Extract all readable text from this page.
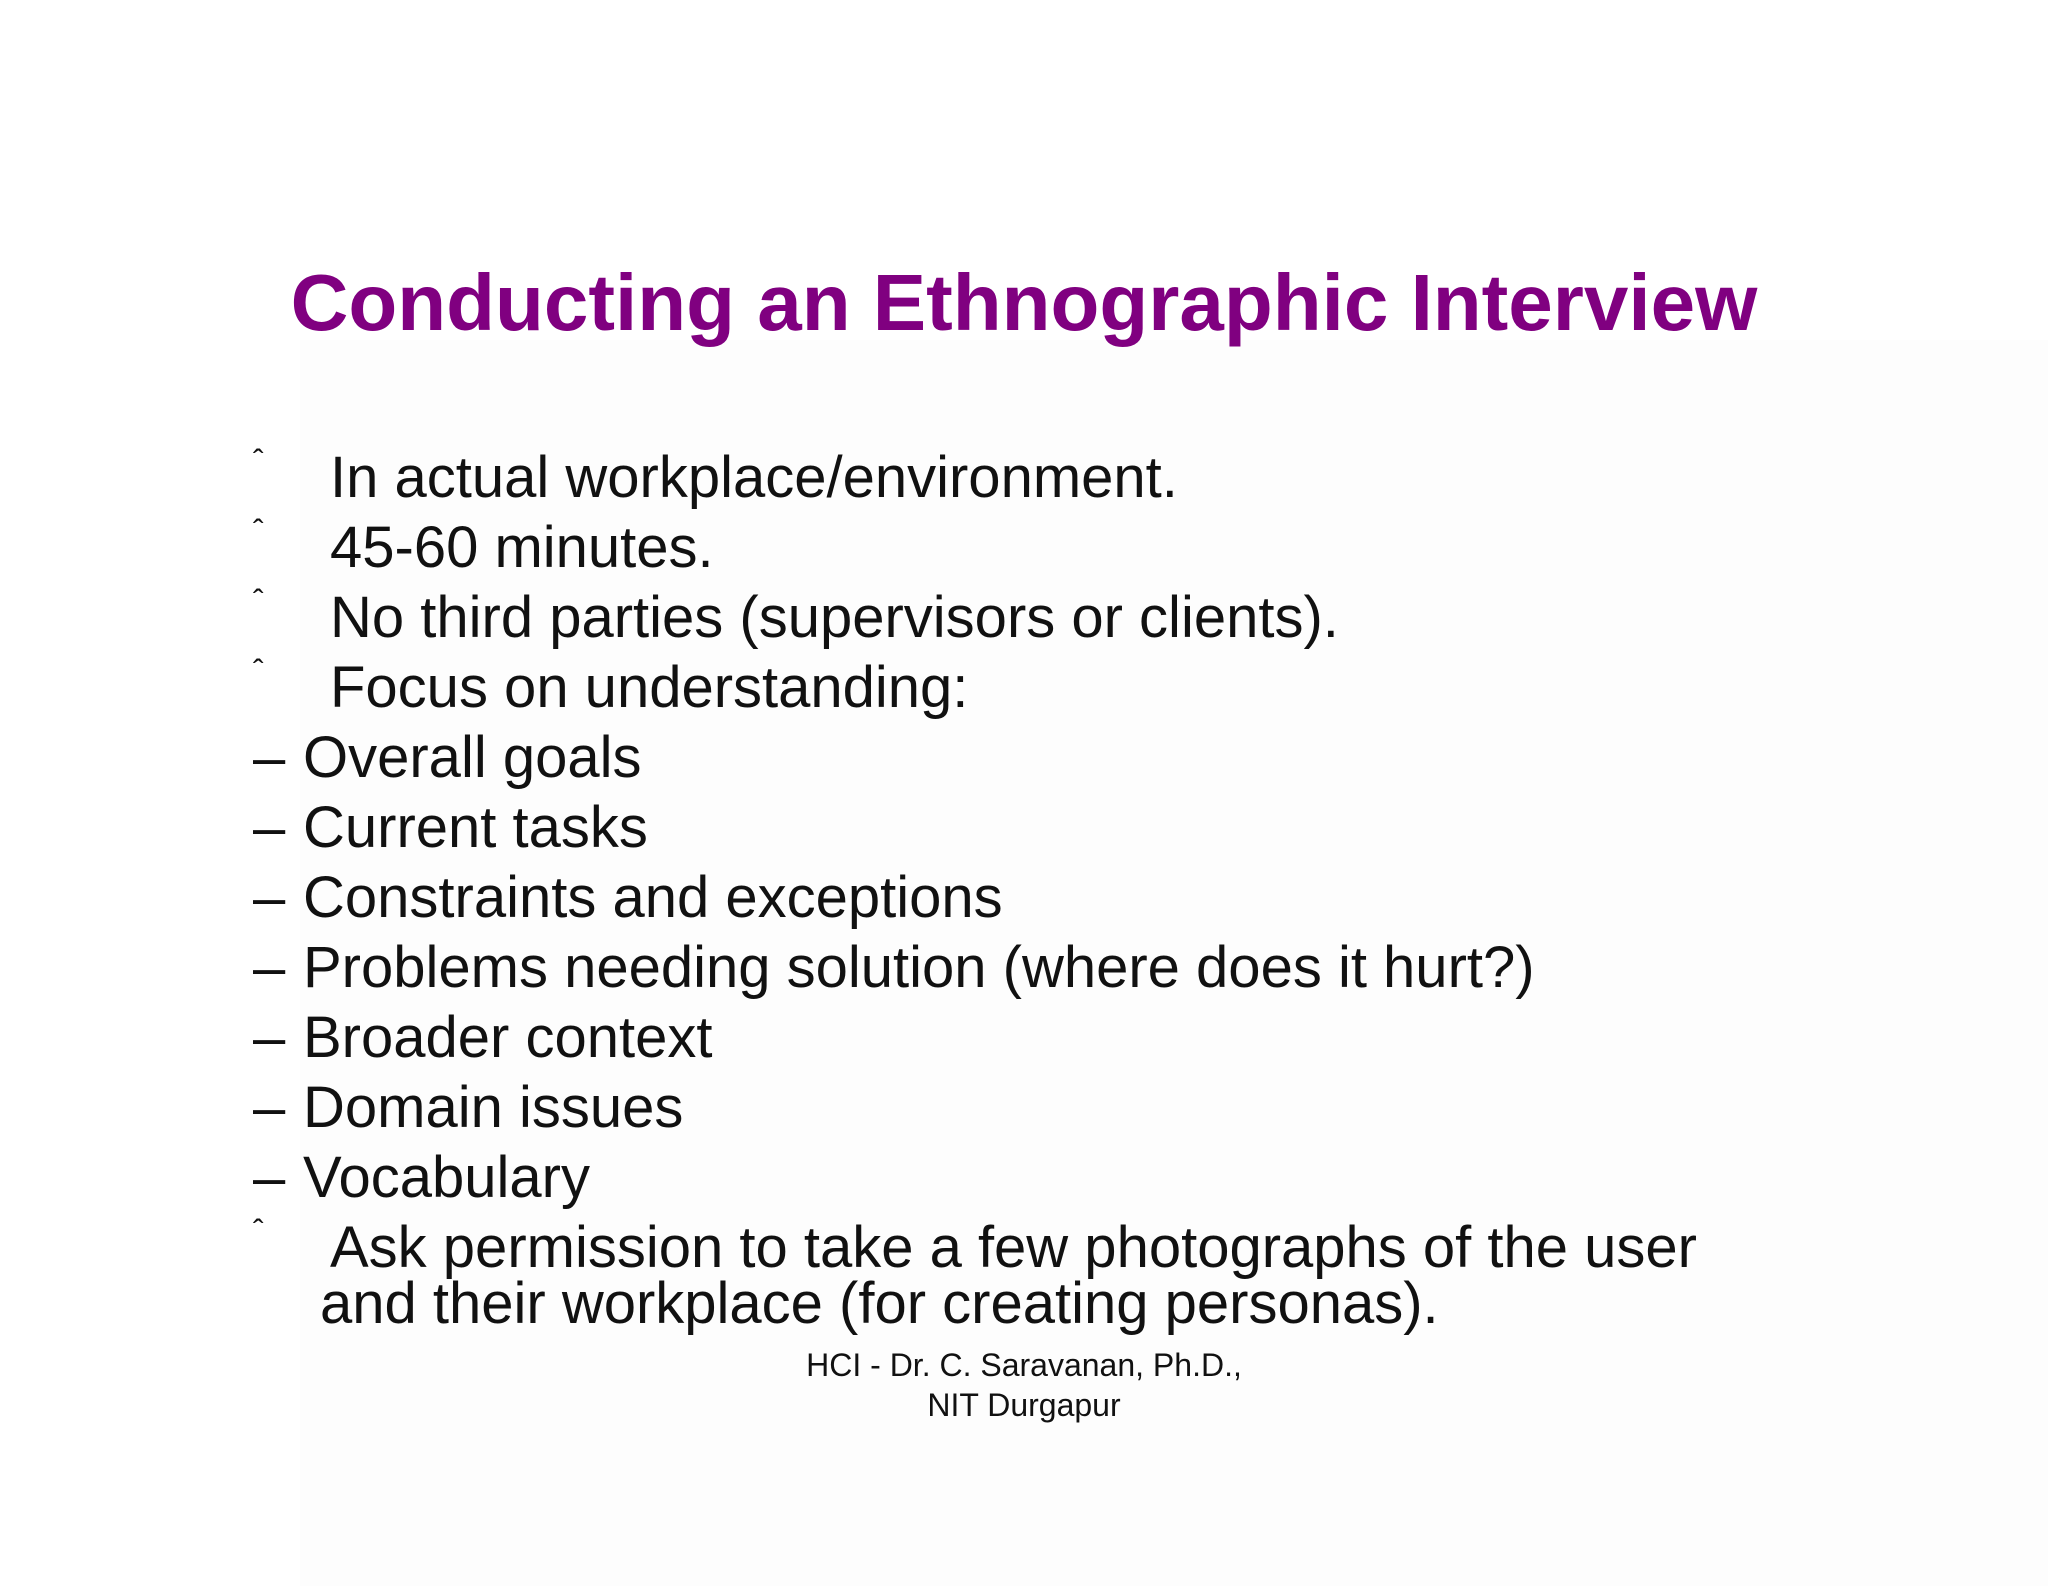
Conducting an Ethnographic Interview
ˆ In actual workplace/environment.
ˆ 45-60 minutes.
ˆ No third parties (supervisors or clients).
ˆ Focus on understanding:
– Overall goals
– Current tasks
– Constraints and exceptions
– Problems needing solution (where does it hurt?)
– Broader context
– Domain issues
– Vocabulary
ˆ Ask permission to take a few photographs of the user
and their workplace (for creating personas).
HCI - Dr. C. Saravanan, Ph.D.,
NIT Durgapur
